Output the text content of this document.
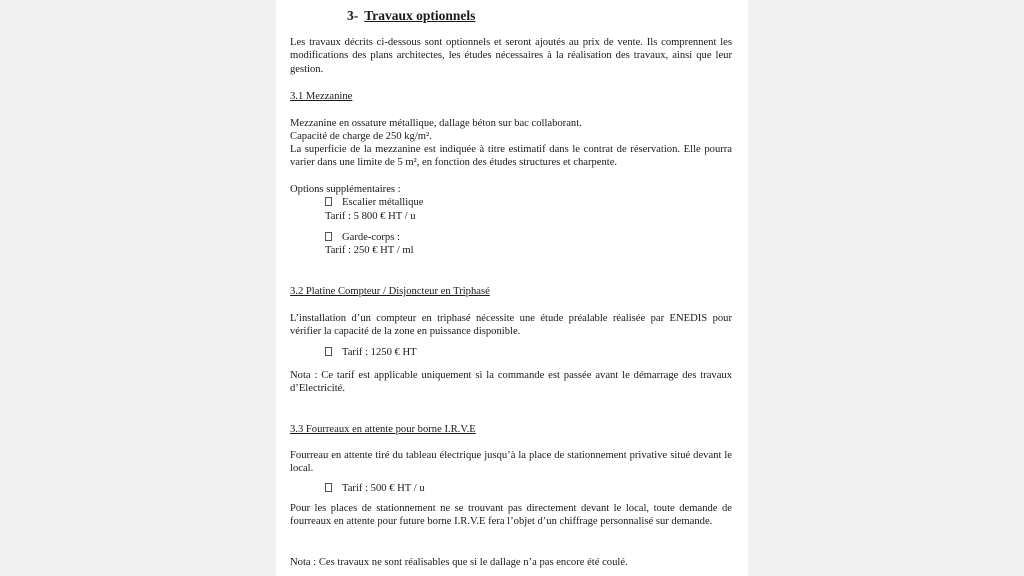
3- Travaux optionnels
Les travaux décrits ci-dessous sont optionnels et seront ajoutés au prix de vente. Ils comprennent les modifications des plans architectes, les études nécessaires à la réalisation des travaux, ainsi que leur gestion.
3.1 Mezzanine
Mezzanine en ossature métallique, dallage béton sur bac collaborant.
Capacité de charge de 250 kg/m².
La superficie de la mezzanine est indiquée à titre estimatif dans le contrat de réservation. Elle pourra varier dans une limite de 5 m², en fonction des études structures et charpente.
Options supplémentaires :
Escalier métallique
Tarif : 5 800 € HT / u
Garde-corps :
Tarif : 250 € HT / ml
3.2 Platine Compteur / Disjoncteur en Triphasé
L’installation d’un compteur en triphasé nécessite une étude préalable réalisée par ENEDIS pour vérifier la capacité de la zone en puissance disponible.
Tarif : 1250 € HT
Nota : Ce tarif est applicable uniquement si la commande est passée avant le démarrage des travaux d’Electricité.
3.3 Fourreaux en attente pour borne I.R.V.E
Fourreau en attente tiré du tableau électrique jusqu’à la place de stationnement privative situé devant le local.
Tarif : 500 € HT / u
Pour les places de stationnement ne se trouvant pas directement devant le local, toute demande de fourreaux en attente pour future borne I.R.V.E fera l’objet d’un chiffrage personnalisé sur demande.
Nota : Ces travaux ne sont réalisables que si le dallage n’a pas encore été coulé.
